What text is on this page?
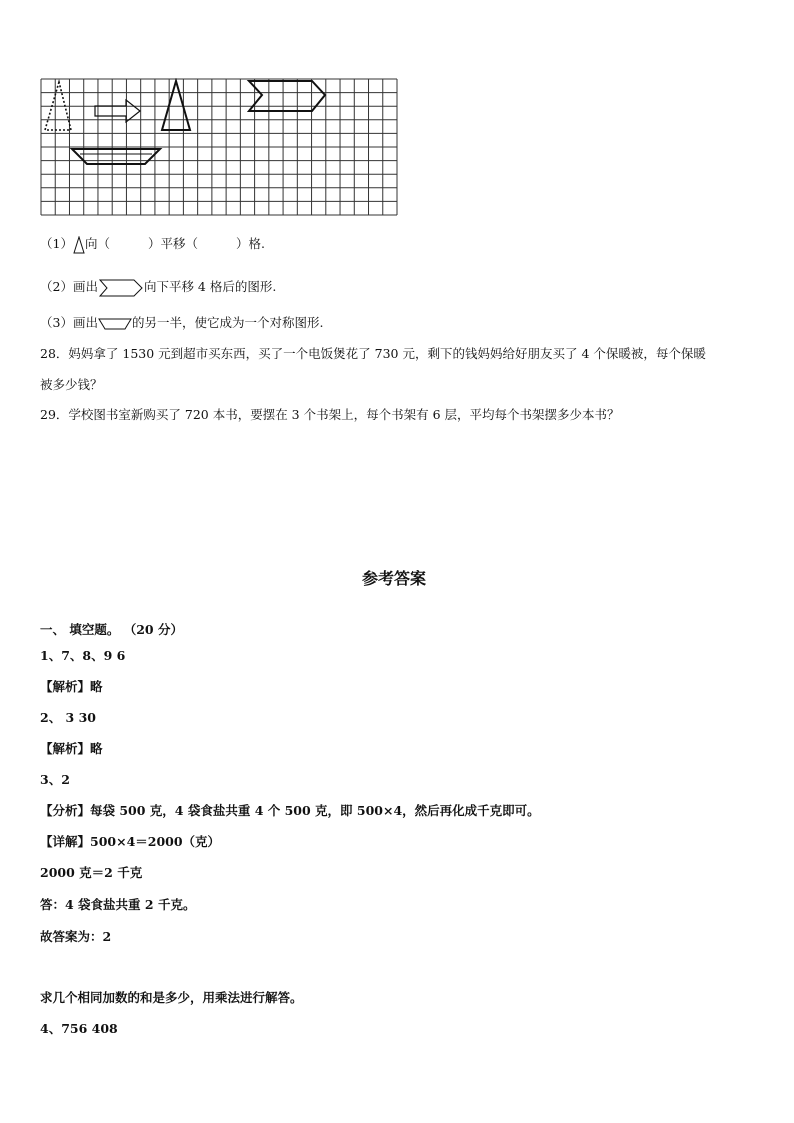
（1） 向（	）平移（	）格.
（2）画出	向下平移 4 格后的图形.
（3）画出	的另一半，使它成为一个对称图形.
28．妈妈拿了 1530 元到超市买东西，买了一个电饭煲花了 730 元，剩下的钱妈妈给好朋友买了 4 个保暖被，每个保暖
被多少钱？
29．学校图书室新购买了 720 本书，要摆在 3 个书架上，每个书架有 6 层，平均每个书架摆多少本书？
参考答案
一、 填空题。 （20 分）
1、7、8、9 6
【解析】略
2、 3 30
【解析】略
3、2
【分析】每袋 500 克，4 袋食盐共重 4 个 500 克，即 500×4，然后再化成千克即可。
【详解】500×4＝2000（克）
2000 克＝2 千克
答：4 袋食盐共重 2 千克。
故答案为：2
求几个相同加数的和是多少，用乘法进行解答。
4、756 408
